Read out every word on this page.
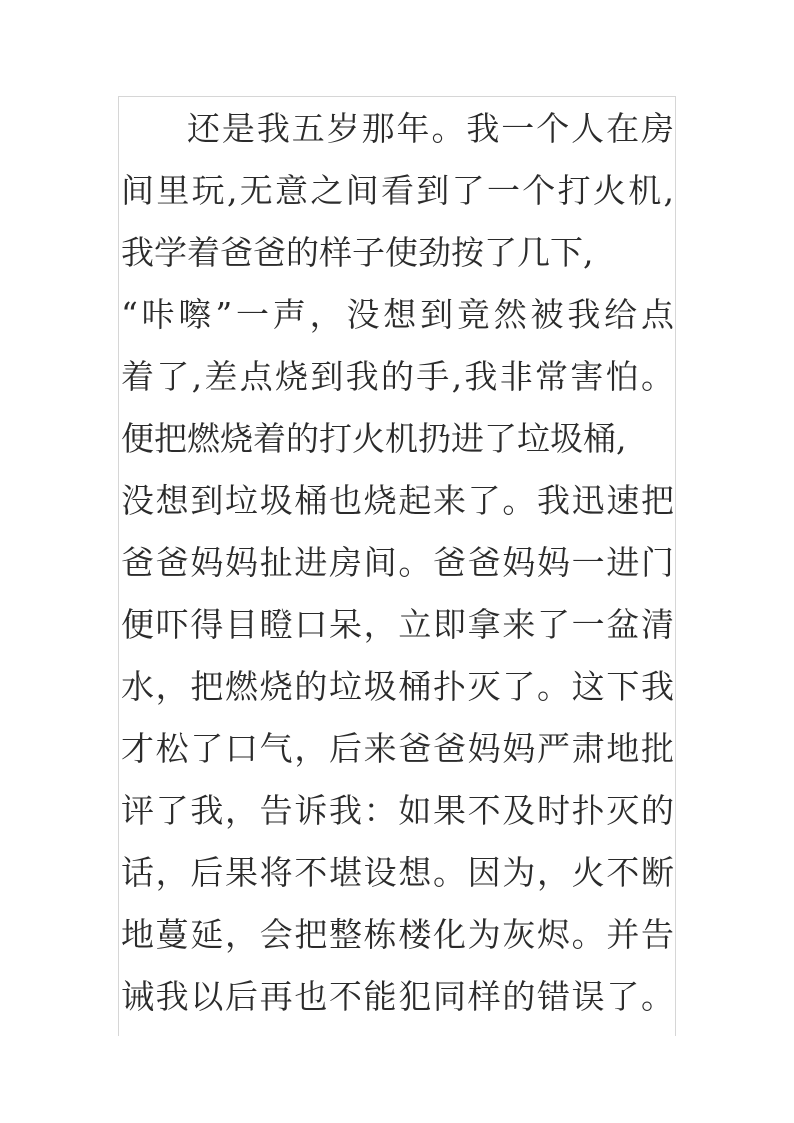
还是我五岁那年。我一个人在房
间里玩,无意之间看到了一个打火机,
我学着爸爸的样子使劲按了几下,
“咔嚓”一声，没想到竟然被我给点
着了,差点烧到我的手,我非常害怕。
便把燃烧着的打火机扔进了垃圾桶,
没想到垃圾桶也烧起来了。我迅速把
爸爸妈妈扯进房间。爸爸妈妈一进门
便吓得目瞪口呆，立即拿来了一盆清
水，把燃烧的垃圾桶扑灭了。这下我
才松了口气，后来爸爸妈妈严肃地批
评了我，告诉我：如果不及时扑灭的
话，后果将不堪设想。因为，火不断
地蔓延，会把整栋楼化为灰烬。并告
诫我以后再也不能犯同样的错误了。
